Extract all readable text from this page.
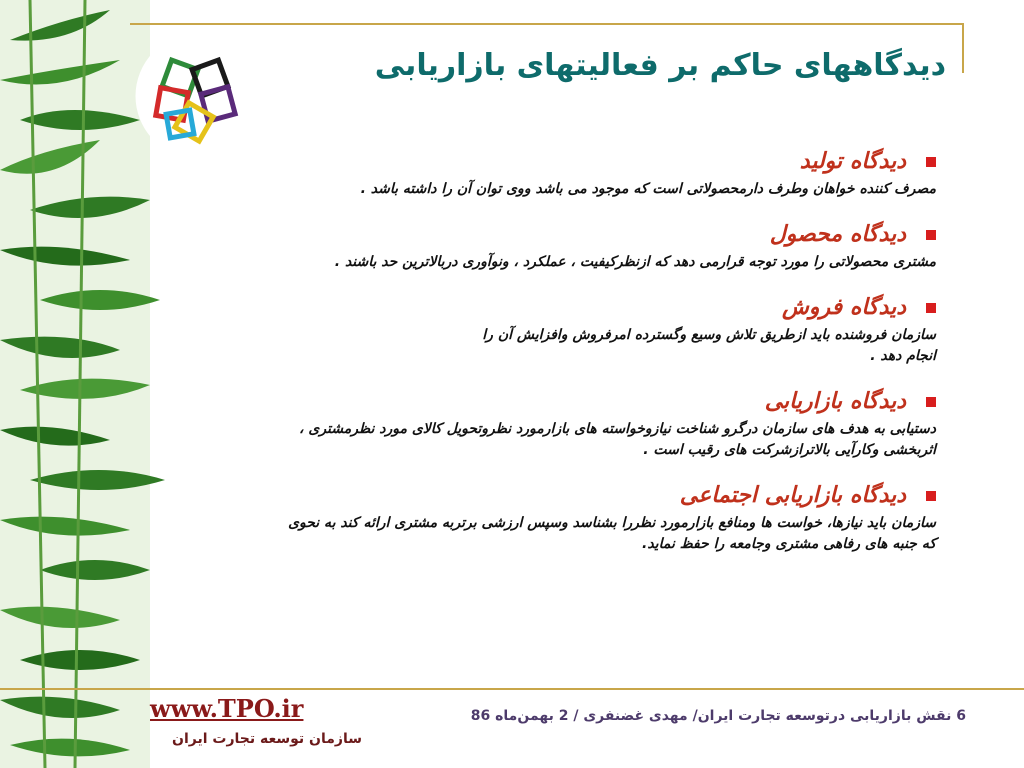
دیدگاههای حاکم بر فعالیتهای بازاریابی
دیدگاه تولید
مصرف کننده خواهان وطرف دارمحصولاتی است که موجود می باشد ووی توان آن را داشته باشد .
دیدگاه محصول
مشتری محصولاتی را مورد توجه قرارمی دهد که ازنظرکیفیت ، عملکرد ، ونوآوری دربالاترین حد باشند .
دیدگاه فروش
سازمان فروشنده باید ازطریق تلاش وسیع وگسترده امرفروش وافزایش آن را
انجام دهد .
دیدگاه بازاریابی
دستیابی به هدف های سازمان درگرو شناخت نیازوخواسته های بازارمورد نظروتحویل کالای مورد نظرمشتری ،
اثربخشی وکارآیی بالاترازشرکت های رقیب است .
دیدگاه بازاریابی اجتماعی
سازمان باید نیازها، خواست ها ومنافع بازارمورد نظررا بشناسد وسپس ارزشی برتربه مشتری ارائه کند به نحوی
که جنبه های رفاهی مشتری وجامعه را حفظ نماید.
www.TPO.ir
سازمان توسعه تجارت ایران
6 نقش بازاریابی درتوسعه تجارت ایران/ مهدی غضنفری / 2 بهمن‌ماه 86
